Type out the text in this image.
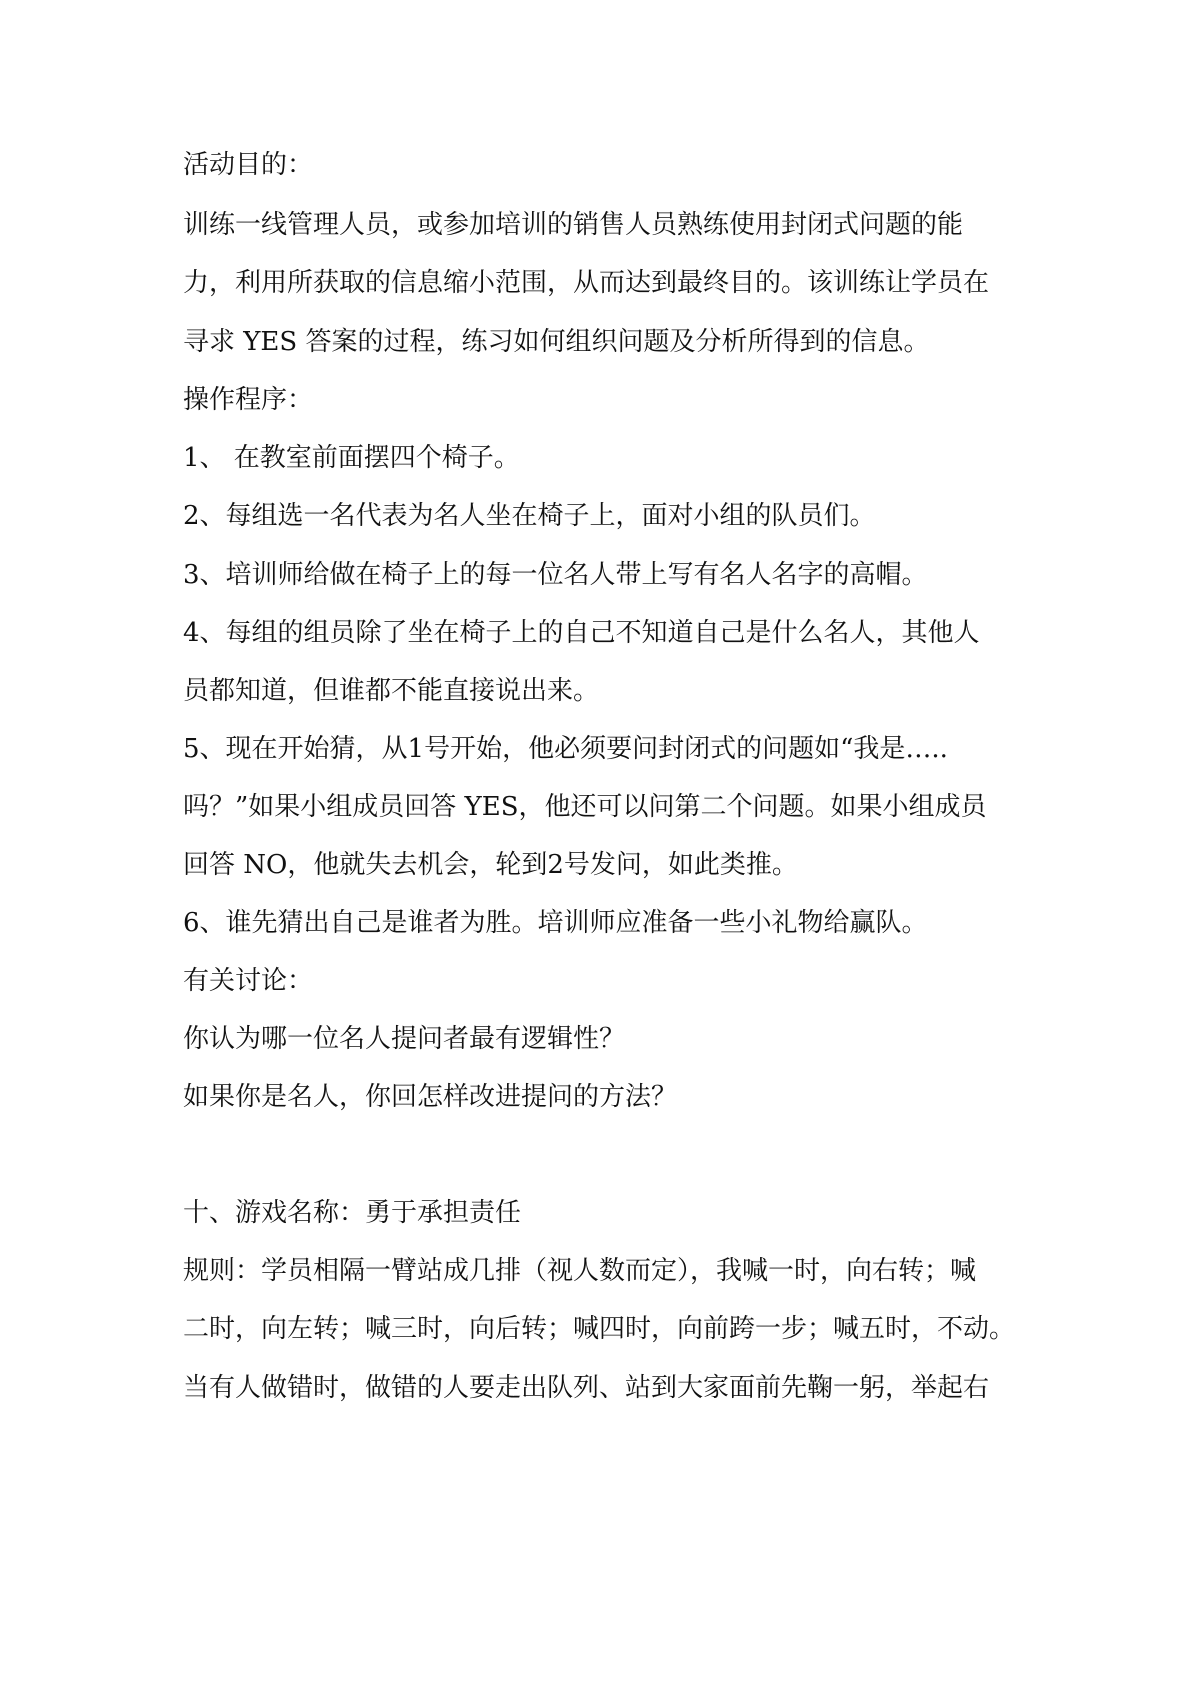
活动目的：
训练一线管理人员，或参加培训的销售人员熟练使用封闭式问题的能
力，利用所获取的信息缩小范围，从而达到最终目的。该训练让学员在
寻求 YES 答案的过程，练习如何组织问题及分析所得到的信息。
操作程序：
1、 在教室前面摆四个椅子。
2、每组选一名代表为名人坐在椅子上，面对小组的队员们。
3、培训师给做在椅子上的每一位名人带上写有名人名字的高帽。
4、每组的组员除了坐在椅子上的自己不知道自己是什么名人，其他人
员都知道，但谁都不能直接说出来。
5、现在开始猜，从1号开始，他必须要问封闭式的问题如“我是…..
吗？”如果小组成员回答 YES，他还可以问第二个问题。如果小组成员
回答 NO，他就失去机会，轮到2号发问，如此类推。
6、谁先猜出自己是谁者为胜。培训师应准备一些小礼物给赢队。
有关讨论：
你认为哪一位名人提问者最有逻辑性？
如果你是名人，你回怎样改进提问的方法？
十、游戏名称：勇于承担责任
规则：学员相隔一臂站成几排（视人数而定），我喊一时，向右转；喊
二时，向左转；喊三时，向后转；喊四时，向前跨一步；喊五时，不动。
当有人做错时，做错的人要走出队列、站到大家面前先鞠一躬，举起右
